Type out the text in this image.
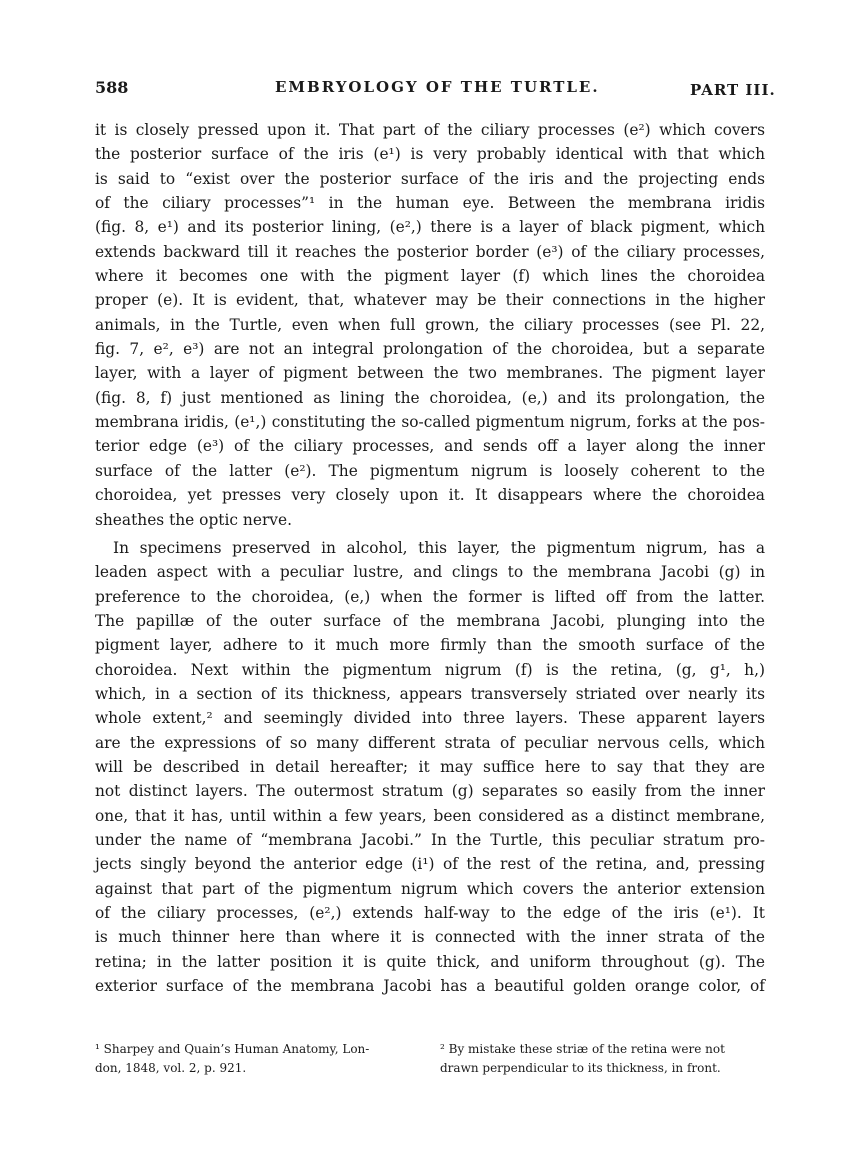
588	EMBRYOLOGY OF THE TURTLE.	PART III.
it is closely pressed upon it. That part of the ciliary processes (e²) which covers
the posterior surface of the iris (e¹) is very probably identical with that which
is said to “exist over the posterior surface of the iris and the projecting ends
of the ciliary processes”¹ in the human eye. Between the membrana iridis
(fig. 8, e¹) and its posterior lining, (e²,) there is a layer of black pigment, which
extends backward till it reaches the posterior border (e³) of the ciliary processes,
where it becomes one with the pigment layer (f) which lines the choroidea
proper (e). It is evident, that, whatever may be their connections in the higher
animals, in the Turtle, even when full grown, the ciliary processes (see Pl. 22,
fig. 7, e², e³) are not an integral prolongation of the choroidea, but a separate
layer, with a layer of pigment between the two membranes. The pigment layer
(fig. 8, f) just mentioned as lining the choroidea, (e,) and its prolongation, the
membrana iridis, (e¹,) constituting the so-called pigmentum nigrum, forks at the pos-
terior edge (e³) of the ciliary processes, and sends off a layer along the inner
surface of the latter (e²). The pigmentum nigrum is loosely coherent to the
choroidea, yet presses very closely upon it. It disappears where the choroidea
sheathes the optic nerve.
In specimens preserved in alcohol, this layer, the pigmentum nigrum, has a
leaden aspect with a peculiar lustre, and clings to the membrana Jacobi (g) in
preference to the choroidea, (e,) when the former is lifted off from the latter.
The papillæ of the outer surface of the membrana Jacobi, plunging into the
pigment layer, adhere to it much more firmly than the smooth surface of the
choroidea. Next within the pigmentum nigrum (f) is the retina, (g, g¹, h,)
which, in a section of its thickness, appears transversely striated over nearly its
whole extent,² and seemingly divided into three layers. These apparent layers
are the expressions of so many different strata of peculiar nervous cells, which
will be described in detail hereafter; it may suffice here to say that they are
not distinct layers. The outermost stratum (g) separates so easily from the inner
one, that it has, until within a few years, been considered as a distinct membrane,
under the name of “membrana Jacobi.” In the Turtle, this peculiar stratum pro-
jects singly beyond the anterior edge (i¹) of the rest of the retina, and, pressing
against that part of the pigmentum nigrum which covers the anterior extension
of the ciliary processes, (e²,) extends half-way to the edge of the iris (e¹). It
is much thinner here than where it is connected with the inner strata of the
retina; in the latter position it is quite thick, and uniform throughout (g). The
exterior surface of the membrana Jacobi has a beautiful golden orange color, of

¹ Sharpey and Quain’s Human Anatomy, Lon-

don, 1848, vol. 2, p. 921.

² By mistake these striæ of the retina were not

drawn perpendicular to its thickness, in front.
